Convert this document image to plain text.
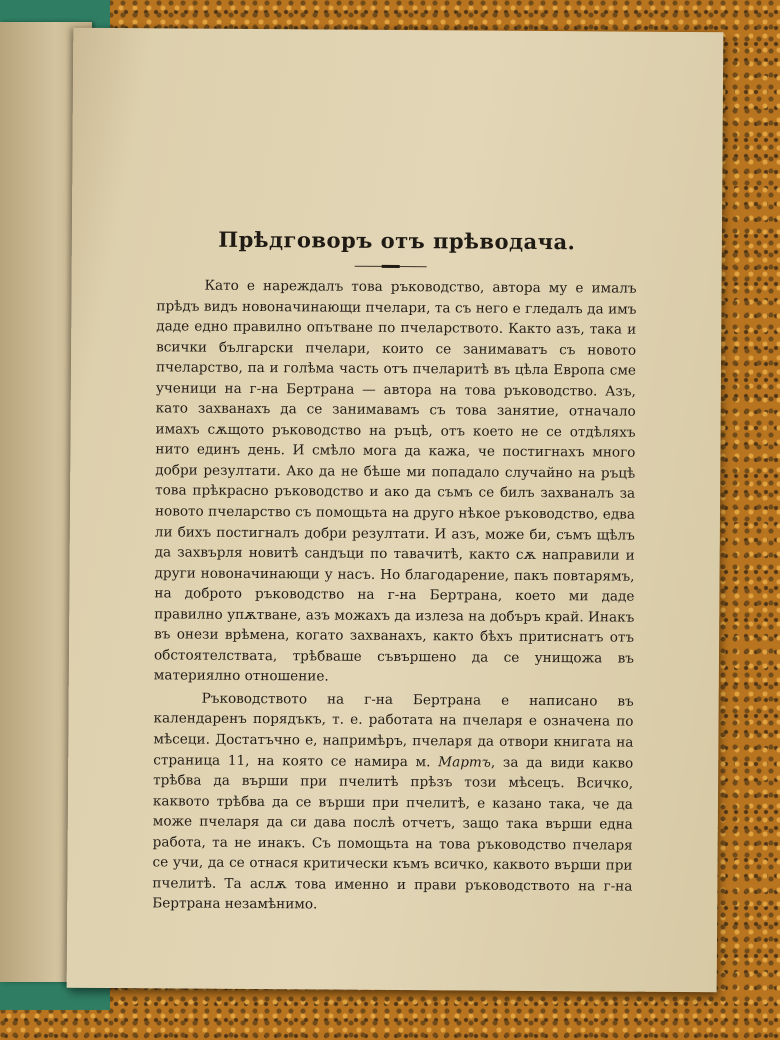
Прѣдговоръ отъ прѣводача.

Като е нареждалъ това ръководство, автора му е ималъ прѣдъ видъ новоначинающи пчелари, та съ него е гледалъ да имъ даде едно правилно опътване по пчеларството. Както азъ, така и всички български пчелари, които се занимаватъ съ новото пчеларство, па и голѣма часть отъ пчеларитѣ въ цѣла Европа сме ученици на г-на Бертрана — автора на това ръководство. Азъ, като захванахъ да се занимавамъ съ това занятие, отначало имахъ сѫщото ръководство на ръцѣ, отъ което не се отдѣляхъ нито единъ день. И смѣло мога да кажа, че постигнахъ много добри резултати. Ако да не бѣше ми попадало случайно на ръцѣ това прѣкрасно ръководство и ако да съмъ се билъ захваналъ за новото пчеларство съ помощьта на друго нѣкое ръководство, едва ли бихъ постигналъ добри резултати. И азъ, може би, съмъ щѣлъ да захвърля новитѣ сандъци по тавачитѣ, както сѫ направили и други новоначинающи у насъ. Но благодарение, пакъ повтарямъ, на доброто ръководство на г-на Бертрана, което ми даде правилно упѫтване, азъ можахъ да излеза на добъръ край. Инакъ въ онези врѣмена, когато захванахъ, както бѣхъ притиснатъ отъ обстоятелствата, трѣбваше съвършено да се унищожа въ материялно отношение.

Ръководството на г-на Бертрана е написано въ календаренъ порядъкъ, т. е. работата на пчеларя е означена по мѣсеци. Достатъчно е, напримѣръ, пчеларя да отвори книгата на страница 11, на която се намира м. Мартъ, за да види какво трѣбва да върши при пчелитѣ прѣзъ този мѣсецъ. Всичко, каквото трѣбва да се върши при пчелитѣ, е казано така, че да може пчеларя да си дава послѣ отчетъ, защо така върши една работа, та не инакъ. Съ помощьта на това ръководство пчеларя се учи, да се отнася критически къмъ всичко, каквото върши при пчелитѣ. Та аслѫ това именно и прави ръководството на г-на Бертрана незамѣнимо.
